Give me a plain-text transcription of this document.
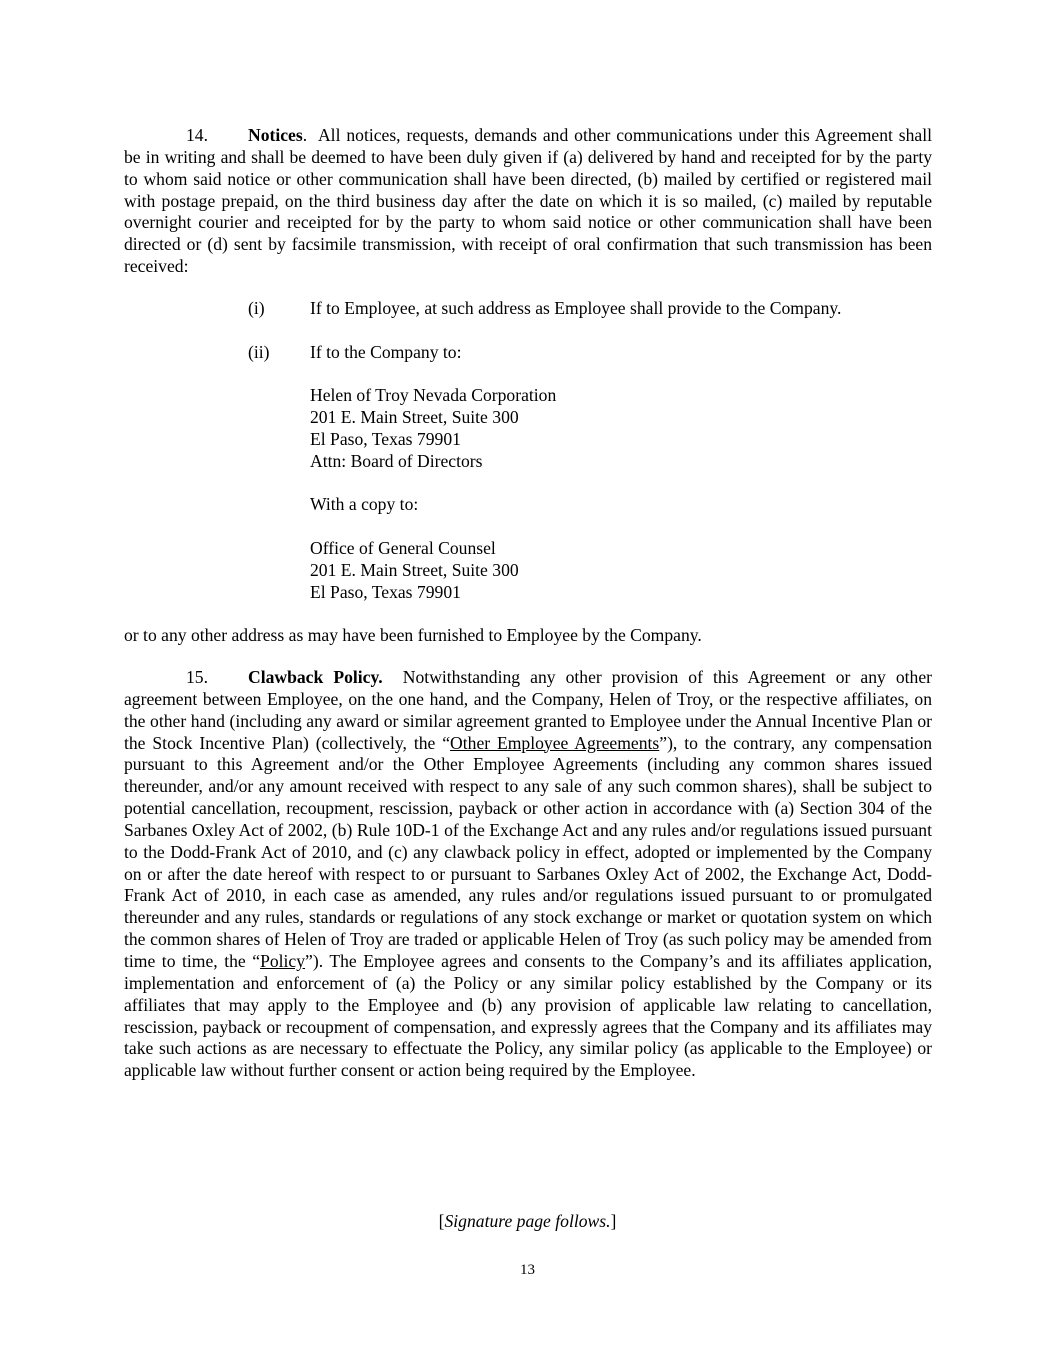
14. Notices. All notices, requests, demands and other communications under this Agreement shall be in writing and shall be deemed to have been duly given if (a) delivered by hand and receipted for by the party to whom said notice or other communication shall have been directed, (b) mailed by certified or registered mail with postage prepaid, on the third business day after the date on which it is so mailed, (c) mailed by reputable overnight courier and receipted for by the party to whom said notice or other communication shall have been directed or (d) sent by facsimile transmission, with receipt of oral confirmation that such transmission has been received:

(i)	If to Employee, at such address as Employee shall provide to the Company.

(ii) If to the Company to:

Helen of Troy Nevada Corporation
201 E. Main Street, Suite 300
El Paso, Texas 79901
Attn: Board of Directors

With a copy to:

Office of General Counsel
201 E. Main Street, Suite 300
El Paso, Texas 79901

or to any other address as may have been furnished to Employee by the Company.

15. Clawback Policy. Notwithstanding any other provision of this Agreement or any other agreement between Employee, on the one hand, and the Company, Helen of Troy, or the respective affiliates, on the other hand (including any award or similar agreement granted to Employee under the Annual Incentive Plan or the Stock Incentive Plan) (collectively, the “Other Employee Agreements”), to the contrary, any compensation pursuant to this Agreement and/or the Other Employee Agreements (including any common shares issued thereunder, and/or any amount received with respect to any sale of any such common shares), shall be subject to potential cancellation, recoupment, rescission, payback or other action in accordance with (a) Section 304 of the Sarbanes Oxley Act of 2002, (b) Rule 10D-1 of the Exchange Act and any rules and/or regulations issued pursuant to the Dodd-Frank Act of 2010, and (c) any clawback policy in effect, adopted or implemented by the Company on or after the date hereof with respect to or pursuant to Sarbanes Oxley Act of 2002, the Exchange Act, Dodd-Frank Act of 2010, in each case as amended, any rules and/or regulations issued pursuant to or promulgated thereunder and any rules, standards or regulations of any stock exchange or market or quotation system on which the common shares of Helen of Troy are traded or applicable Helen of Troy (as such policy may be amended from time to time, the “Policy”). The Employee agrees and consents to the Company’s and its affiliates application, implementation and enforcement of (a) the Policy or any similar policy established by the Company or its affiliates that may apply to the Employee and (b) any provision of applicable law relating to cancellation, rescission, payback or recoupment of compensation, and expressly agrees that the Company and its affiliates may take such actions as are necessary to effectuate the Policy, any similar policy (as applicable to the Employee) or applicable law without further consent or action being required by the Employee.

[Signature page follows.]

13
